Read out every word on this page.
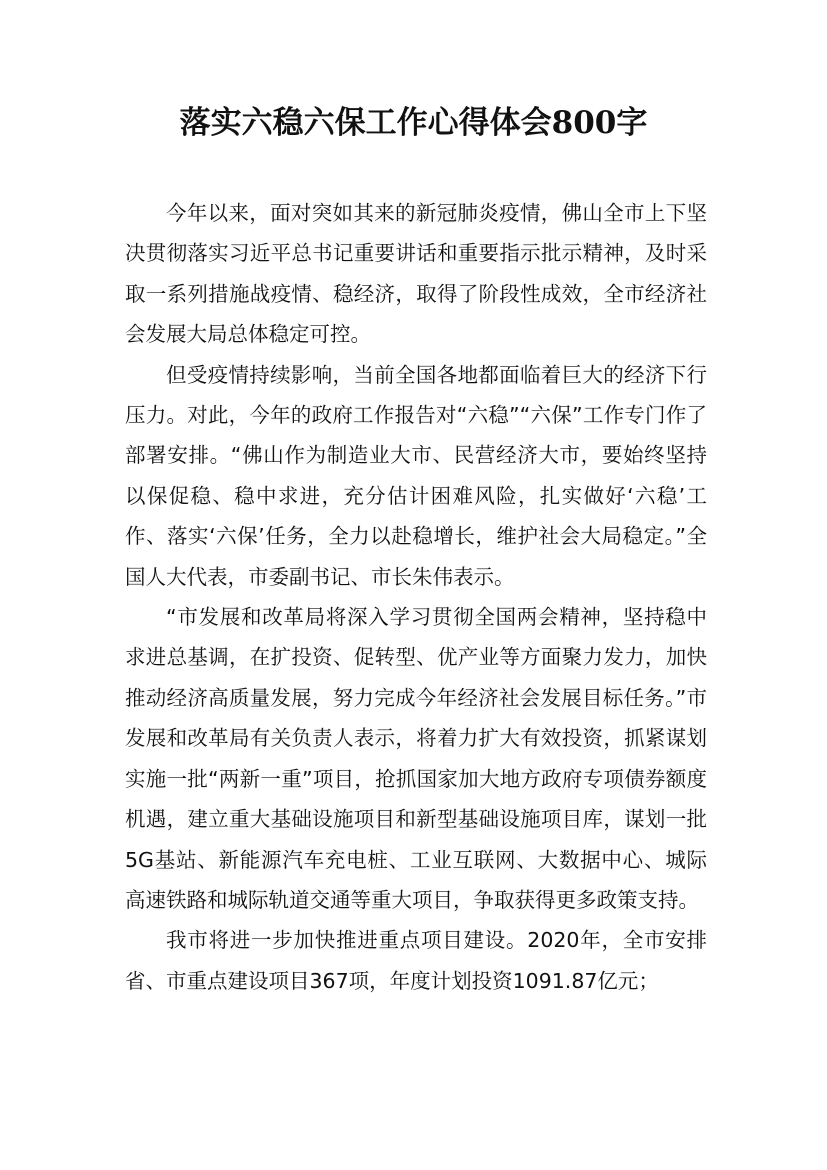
落实六稳六保工作心得体会800字

今年以来，面对突如其来的新冠肺炎疫情，佛山全市上下坚决贯彻落实习近平总书记重要讲话和重要指示批示精神，及时采取一系列措施战疫情、稳经济，取得了阶段性成效，全市经济社会发展大局总体稳定可控。

但受疫情持续影响，当前全国各地都面临着巨大的经济下行压力。对此，今年的政府工作报告对“六稳”“六保”工作专门作了部署安排。“佛山作为制造业大市、民营经济大市，要始终坚持以保促稳、稳中求进，充分估计困难风险，扎实做好‘六稳’工作、落实‘六保’任务，全力以赴稳增长，维护社会大局稳定。”全国人大代表，市委副书记、市长朱伟表示。

“市发展和改革局将深入学习贯彻全国两会精神，坚持稳中求进总基调，在扩投资、促转型、优产业等方面聚力发力，加快推动经济高质量发展，努力完成今年经济社会发展目标任务。”市发展和改革局有关负责人表示，将着力扩大有效投资，抓紧谋划实施一批“两新一重”项目，抢抓国家加大地方政府专项债券额度机遇，建立重大基础设施项目和新型基础设施项目库，谋划一批5G基站、新能源汽车充电桩、工业互联网、大数据中心、城际高速铁路和城际轨道交通等重大项目，争取获得更多政策支持。

我市将进一步加快推进重点项目建设。2020年，全市安排省、市重点建设项目367项，年度计划投资1091.87亿元；
